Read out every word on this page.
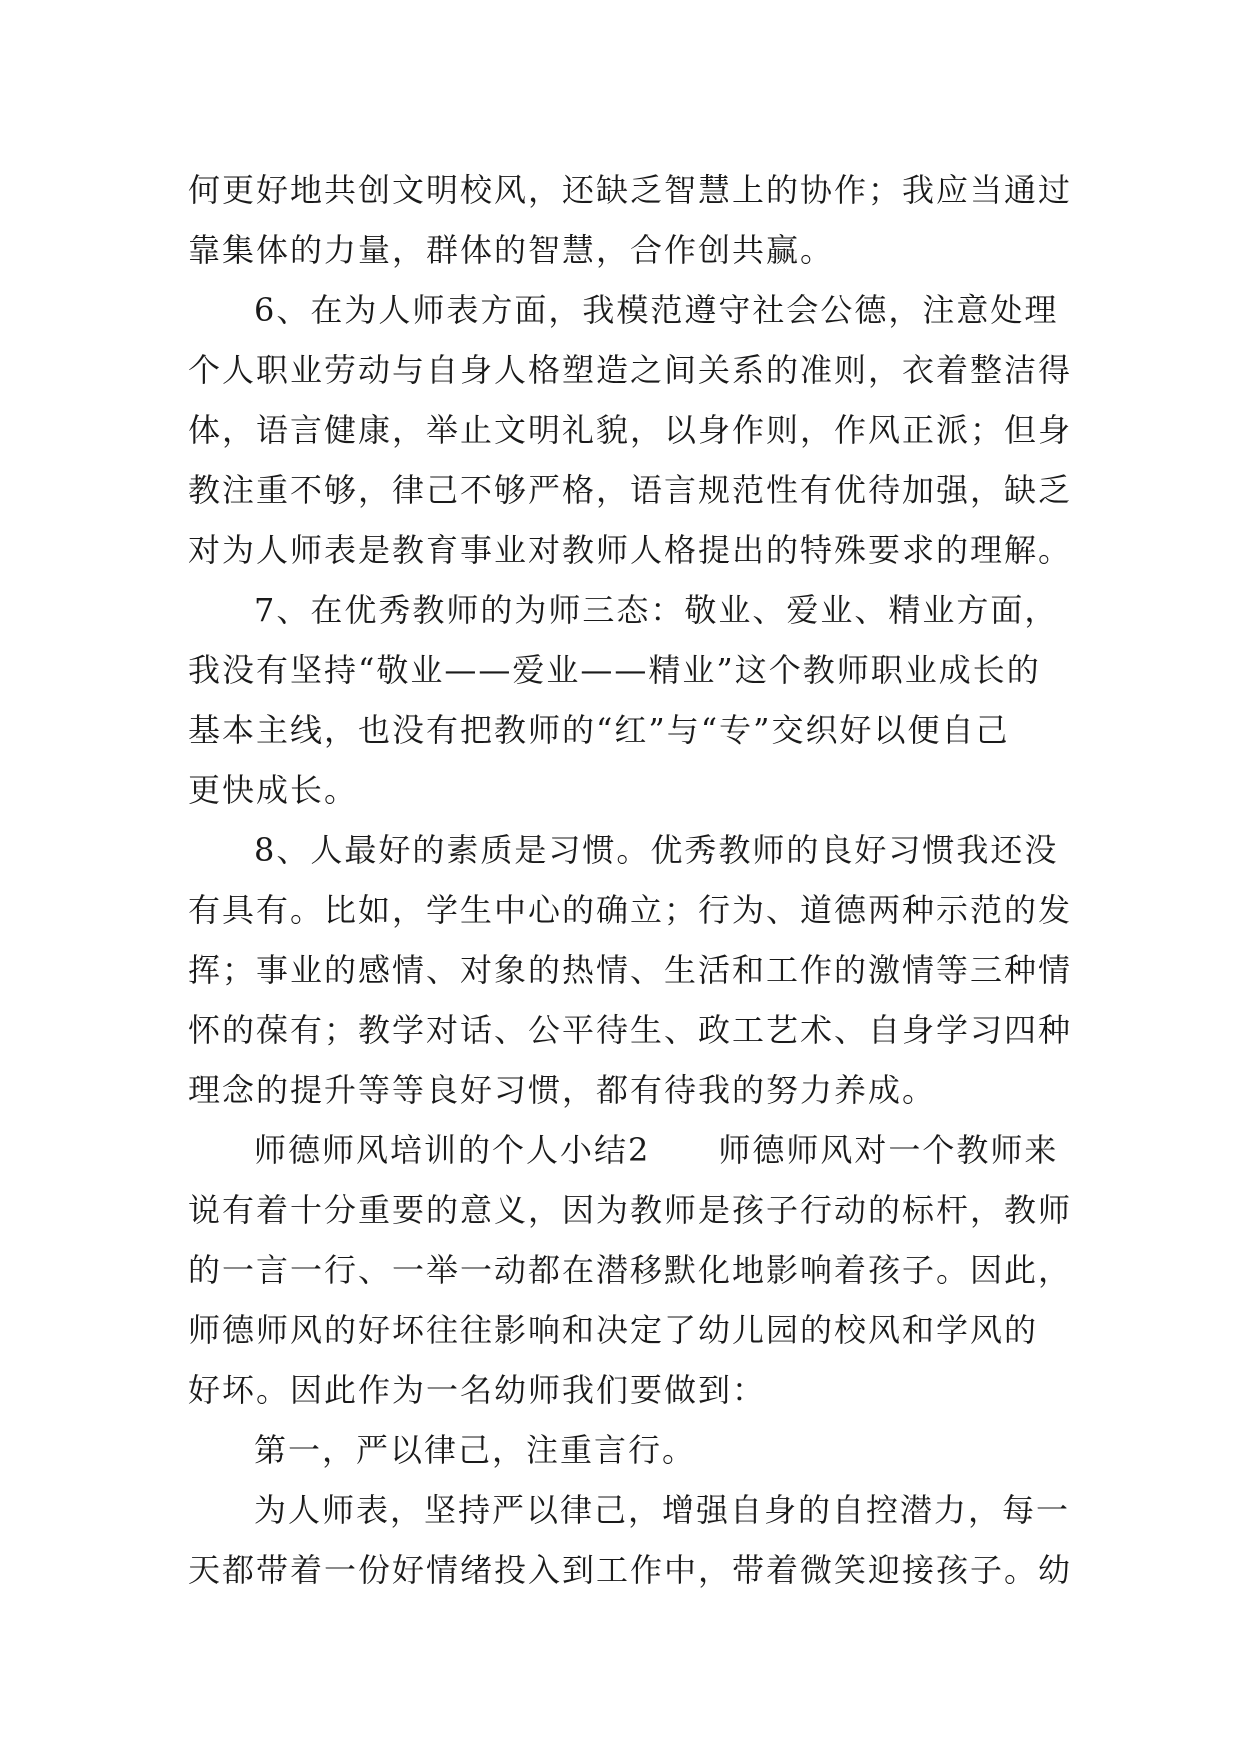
何更好地共创文明校风，还缺乏智慧上的协作；我应当通过
靠集体的力量，群体的智慧，合作创共赢。
6、在为人师表方面，我模范遵守社会公德，注意处理
个人职业劳动与自身人格塑造之间关系的准则，衣着整洁得
体，语言健康，举止文明礼貌，以身作则，作风正派；但身
教注重不够，律己不够严格，语言规范性有优待加强，缺乏
对为人师表是教育事业对教师人格提出的特殊要求的理解。
7、在优秀教师的为师三态：敬业、爱业、精业方面，
我没有坚持“敬业——爱业——精业”这个教师职业成长的
基本主线，也没有把教师的“红”与“专”交织好以便自己
更快成长。
8、人最好的素质是习惯。优秀教师的良好习惯我还没
有具有。比如，学生中心的确立；行为、道德两种示范的发
挥；事业的感情、对象的热情、生活和工作的激情等三种情
怀的葆有；教学对话、公平待生、政工艺术、自身学习四种
理念的提升等等良好习惯，都有待我的努力养成。
师德师风培训的个人小结2　　师德师风对一个教师来
说有着十分重要的意义，因为教师是孩子行动的标杆，教师
的一言一行、一举一动都在潜移默化地影响着孩子。因此，
师德师风的好坏往往影响和决定了幼儿园的校风和学风的
好坏。因此作为一名幼师我们要做到：
第一，严以律己，注重言行。
为人师表，坚持严以律己，增强自身的自控潜力，每一
天都带着一份好情绪投入到工作中，带着微笑迎接孩子。幼
